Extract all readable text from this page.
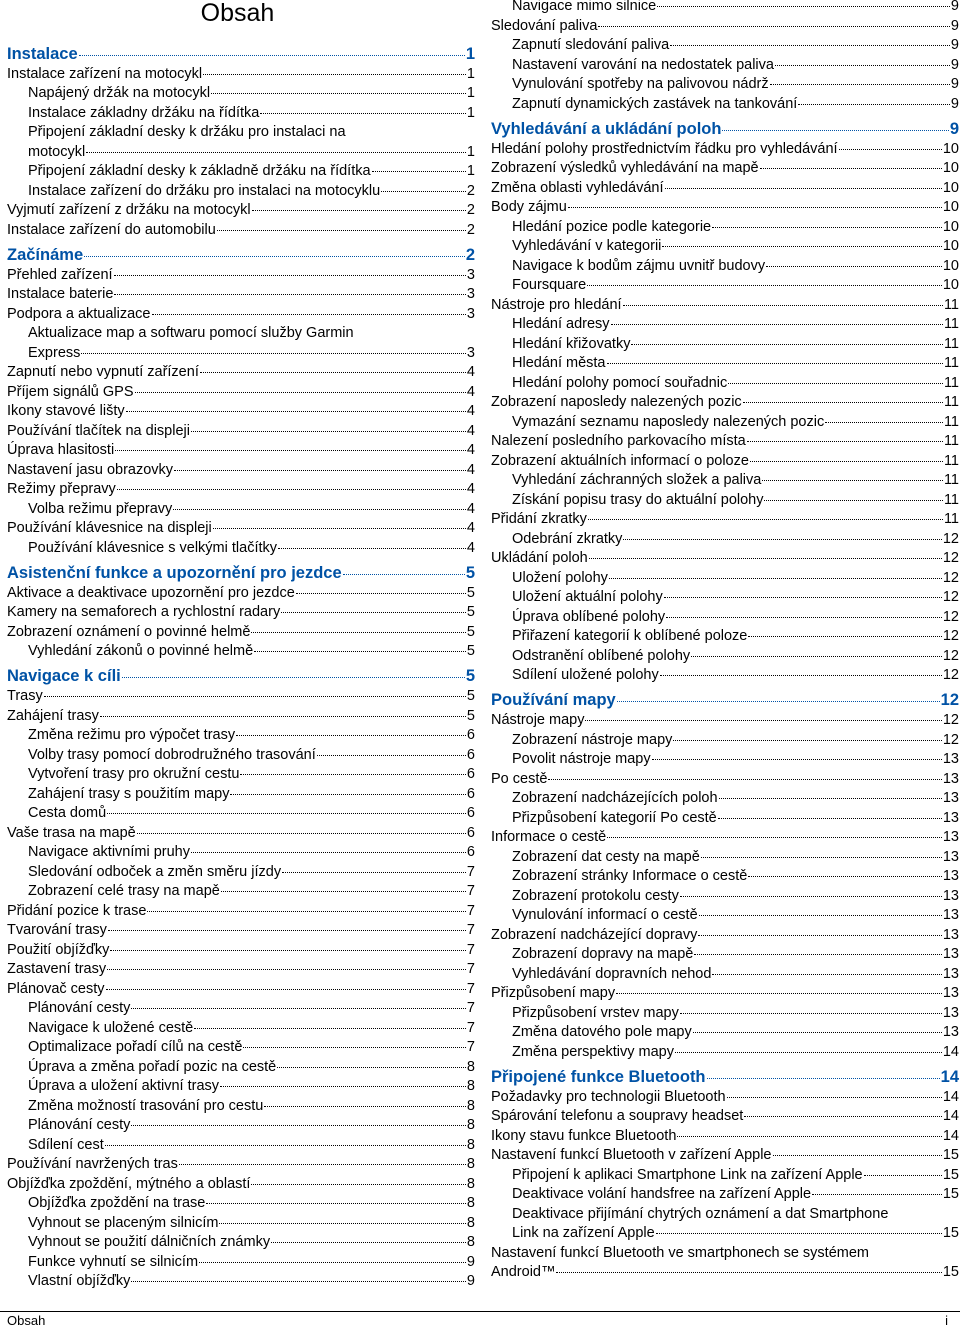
Obsah
Instalace	1
Instalace zařízení na motocykl	1
Napájený držák na motocykl	1
Instalace základny držáku na řídítka	1
Připojení základní desky k držáku pro instalaci na
motocykl	1
Připojení základní desky k základně držáku na řídítka	1
Instalace zařízení do držáku pro instalaci na motocyklu	2
Vyjmutí zařízení z držáku na motocykl	2
Instalace zařízení do automobilu	2
Začínáme	2
Přehled zařízení	3
Instalace baterie	3
Podpora a aktualizace	3
Aktualizace map a softwaru pomocí služby Garmin
Express	3
Zapnutí nebo vypnutí zařízení	4
Příjem signálů GPS	4
Ikony stavové lišty	4
Používání tlačítek na displeji	4
Úprava hlasitosti	4
Nastavení jasu obrazovky	4
Režimy přepravy	4
Volba režimu přepravy	4
Používání klávesnice na displeji	4
Používání klávesnice s velkými tlačítky	4
Asistenční funkce a upozornění pro jezdce	5
Aktivace a deaktivace upozornění pro jezdce	5
Kamery na semaforech a rychlostní radary	5
Zobrazení oznámení o povinné helmě	5
Vyhledání zákonů o povinné helmě	5
Navigace k cíli	5
Trasy	5
Zahájení trasy	5
Změna režimu pro výpočet trasy	6
Volby trasy pomocí dobrodružného trasování	6
Vytvoření trasy pro okružní cestu	6
Zahájení trasy s použitím mapy	6
Cesta domů	6
Vaše trasa na mapě	6
Navigace aktivními pruhy	6
Sledování odboček a změn směru jízdy	7
Zobrazení celé trasy na mapě	7
Přidání pozice k trase	7
Tvarování trasy	7
Použití objížďky	7
Zastavení trasy	7
Plánovač cesty	7
Plánování cesty	7
Navigace k uložené cestě	7
Optimalizace pořadí cílů na cestě	7
Úprava a změna pořadí pozic na cestě	8
Úprava a uložení aktivní trasy	8
Změna možností trasování pro cestu	8
Plánování cesty	8
Sdílení cest	8
Používání navržených tras	8
Objížďka zpoždění, mýtného a oblastí	8
Objížďka zpoždění na trase	8
Vyhnout se placeným silnicím	8
Vyhnout se použití dálničních známky	8
Funkce vyhnutí se silnicím	9
Vlastní objížďky	9
Navigace mimo silnice	9
Sledování paliva	9
Zapnutí sledování paliva	9
Nastavení varování na nedostatek paliva	9
Vynulování spotřeby na palivovou nádrž	9
Zapnutí dynamických zastávek na tankování	9
Vyhledávání a ukládání poloh	9
Hledání polohy prostřednictvím řádku pro vyhledávání	10
Zobrazení výsledků vyhledávání na mapě	10
Změna oblasti vyhledávání	10
Body zájmu	10
Hledání pozice podle kategorie	10
Vyhledávání v kategorii	10
Navigace k bodům zájmu uvnitř budovy	10
Foursquare	10
Nástroje pro hledání	11
Hledání adresy	11
Hledání křižovatky	11
Hledání města	11
Hledání polohy pomocí souřadnic	11
Zobrazení naposledy nalezených pozic	11
Vymazání seznamu naposledy nalezených pozic	11
Nalezení posledního parkovacího místa	11
Zobrazení aktuálních informací o poloze	11
Vyhledání záchranných složek a paliva	11
Získání popisu trasy do aktuální polohy	11
Přidání zkratky	11
Odebrání zkratky	12
Ukládání poloh	12
Uložení polohy	12
Uložení aktuální polohy	12
Úprava oblíbené polohy	12
Přiřazení kategorií k oblíbené poloze	12
Odstranění oblíbené polohy	12
Sdílení uložené polohy	12
Používání mapy	12
Nástroje mapy	12
Zobrazení nástroje mapy	12
Povolit nástroje mapy	13
Po cestě	13
Zobrazení nadcházejících poloh	13
Přizpůsobení kategorií Po cestě	13
Informace o cestě	13
Zobrazení dat cesty na mapě	13
Zobrazení stránky Informace o cestě	13
Zobrazení protokolu cesty	13
Vynulování informací o cestě	13
Zobrazení nadcházející dopravy	13
Zobrazení dopravy na mapě	13
Vyhledávání dopravních nehod	13
Přizpůsobení mapy	13
Přizpůsobení vrstev mapy	13
Změna datového pole mapy	13
Změna perspektivy mapy	14
Připojené funkce Bluetooth	14
Požadavky pro technologii Bluetooth	14
Spárování telefonu a soupravy headset	14
Ikony stavu funkce Bluetooth	14
Nastavení funkcí Bluetooth v zařízení Apple	15
Připojení k aplikaci Smartphone Link na zařízení Apple	15
Deaktivace volání handsfree na zařízení Apple	15
Deaktivace přijímání chytrých oznámení a dat Smartphone
Link na zařízení Apple	15
Nastavení funkcí Bluetooth ve smartphonech se systémem
Android™	15
Obsah	i
